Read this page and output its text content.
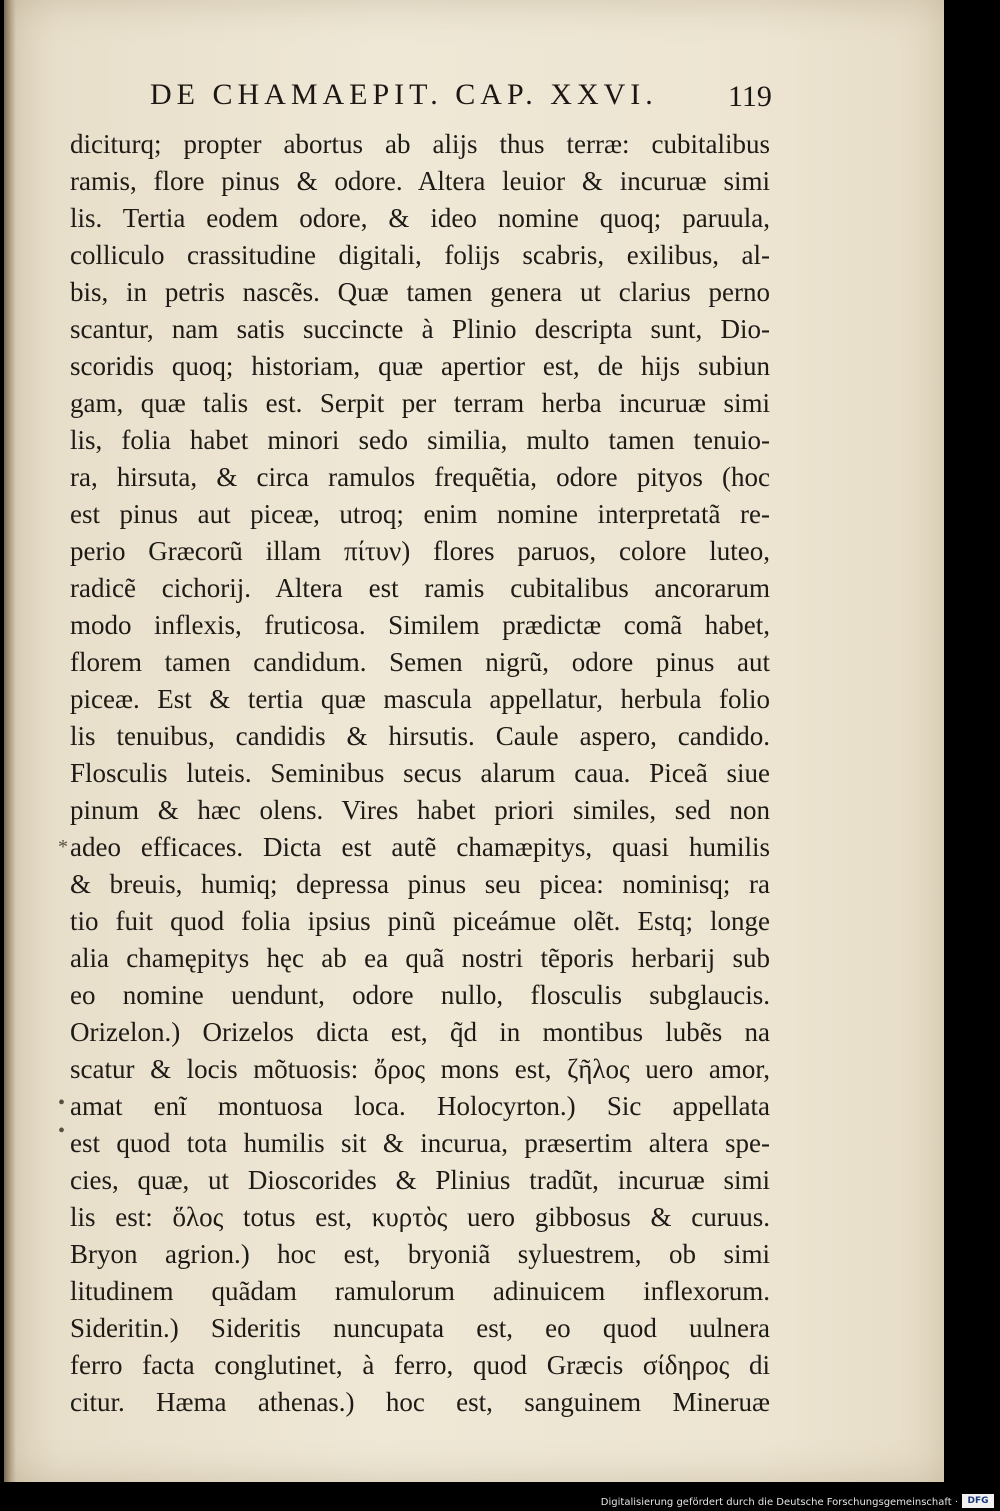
DE CHAMAEPIT. CAP. XXVI.	119
diciturq; propter abortus ab alijs thus terræ: cubitalibus
ramis, flore pinus & odore. Altera leuior & incuruæ simi
lis. Tertia eodem odore, & ideo nomine quoq; paruula,
colliculo crassitudine digitali, folijs scabris, exilibus, al-
bis, in petris nascẽs. Quæ tamen genera ut clarius perno
scantur, nam satis succincte à Plinio descripta sunt, Dio-
scoridis quoq; historiam, quæ apertior est, de hijs subiun
gam, quæ talis est. Serpit per terram herba incuruæ simi
lis, folia habet minori sedo similia, multo tamen tenuio-
ra, hirsuta, & circa ramulos frequẽtia, odore pityos (hoc
est pinus aut piceæ, utroq; enim nomine interpretatã re-
perio Græcorũ illam πίτυν) flores paruos, colore luteo,
radicẽ cichorij. Altera est ramis cubitalibus ancorarum
modo inflexis, fruticosa. Similem prædictæ comã habet,
florem tamen candidum. Semen nigrũ, odore pinus aut
piceæ. Est & tertia quæ mascula appellatur, herbula folio
lis tenuibus, candidis & hirsutis. Caule aspero, candido.
Flosculis luteis. Seminibus secus alarum caua. Piceã siue
pinum & hæc olens. Vires habet priori similes, sed non
adeo efficaces. Dicta est autẽ chamæpitys, quasi humilis
& breuis, humiq; depressa pinus seu picea: nominisq; ra
tio fuit quod folia ipsius pinũ piceámue olẽt. Estq; longe
alia chamępitys hęc ab ea quã nostri tẽporis herbarij sub
eo nomine uendunt, odore nullo, flosculis subglaucis.
Orizelon.) Orizelos dicta est, q̃d in montibus lubẽs na
scatur & locis mõtuosis: ὄρος mons est, ζῆλος uero amor,
amat enĩ montuosa loca. Holocyrton.) Sic appellata
est quod tota humilis sit & incurua, præsertim altera spe-
cies, quæ, ut Dioscorides & Plinius tradũt, incuruæ simi
lis est: ὅλος totus est, κυρτὸς uero gibbosus & curuus.
Bryon agrion.) hoc est, bryoniã syluestrem, ob simi
litudinem quãdam ramulorum adinuicem inflexorum.
Sideritin.) Sideritis nuncupata est, eo quod uulnera
ferro facta conglutinet, à ferro, quod Græcis σίδηρος di
citur. Hæma athenas.) hoc est, sanguinem Mineruæ
*
•
•
Digitalisierung gefördert durch die Deutsche Forschungsgemeinschaft ·	DFG
